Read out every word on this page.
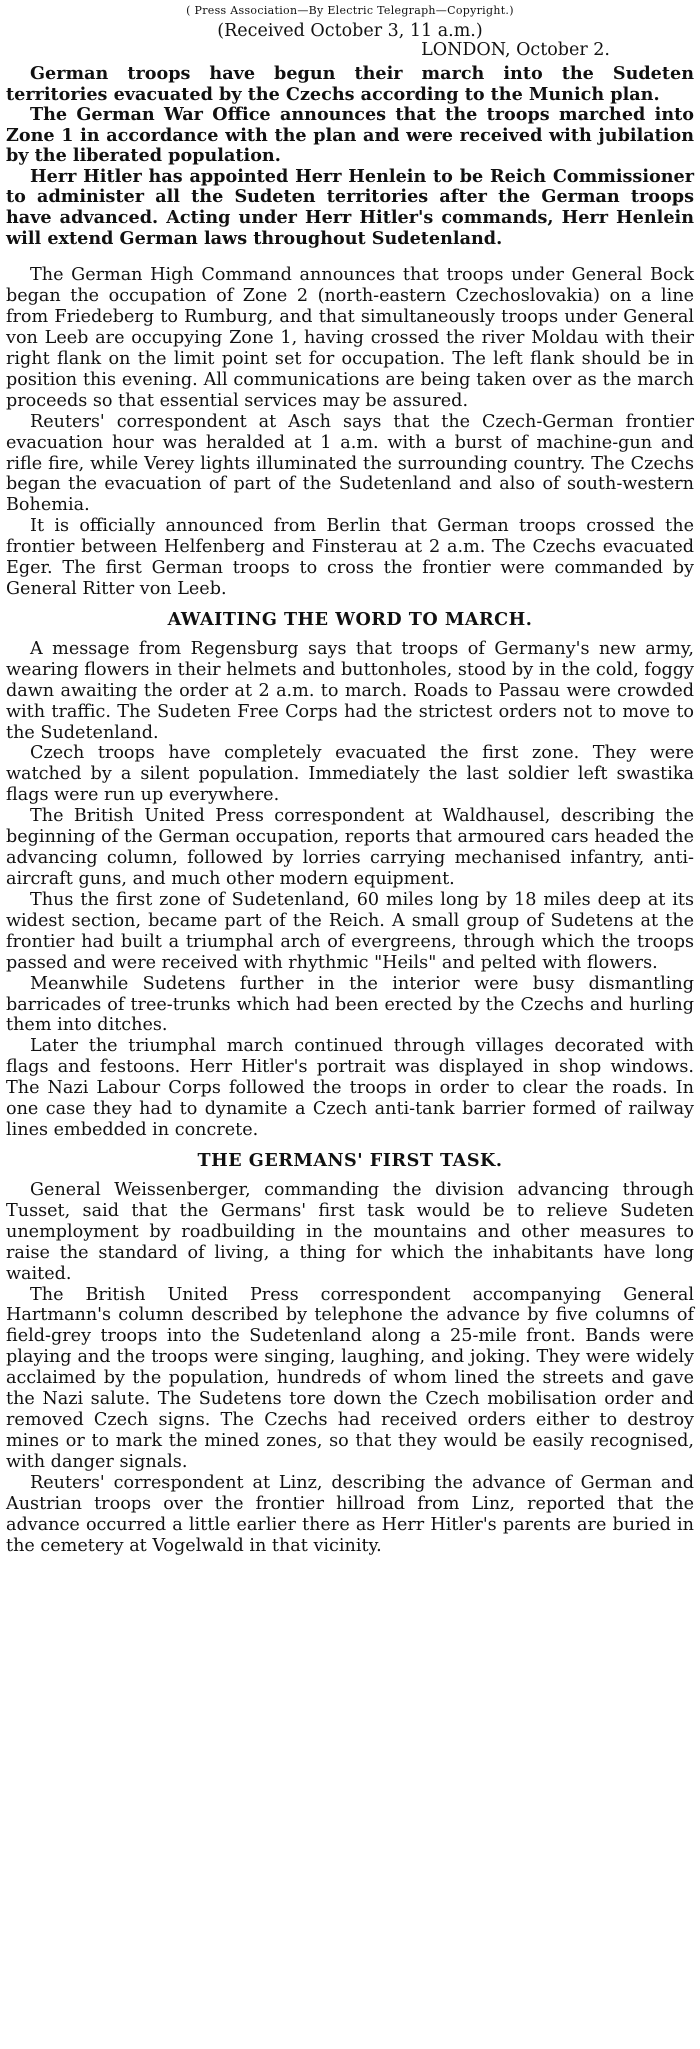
( Press Association—By Electric Telegraph—Copyright.)
(Received October 3, 11 a.m.)
LONDON, October 2.

German troops have begun their march into the Sudeten territories evacuated by the Czechs according to the Munich plan.

The German War Office announces that the troops marched into Zone 1 in accordance with the plan and were received with jubilation by the liberated population.

Herr Hitler has appointed Herr Henlein to be Reich Commissioner to administer all the Sudeten territories after the German troops have advanced. Acting under Herr Hitler's commands, Herr Henlein will extend German laws throughout Sudetenland.

The German High Command announces that troops under General Bock began the occupation of Zone 2 (north-eastern Czechoslovakia) on a line from Friedeberg to Rumburg, and that simultaneously troops under General von Leeb are occupying Zone 1, having crossed the river Moldau with their right flank on the limit point set for occupation. The left flank should be in position this evening. All communications are being taken over as the march proceeds so that essential services may be assured.

Reuters' correspondent at Asch says that the Czech-German frontier evacuation hour was heralded at 1 a.m. with a burst of machine-gun and rifle fire, while Verey lights illuminated the surrounding country. The Czechs began the evacuation of part of the Sudetenland and also of south-western Bohemia.

It is officially announced from Berlin that German troops crossed the frontier between Helfenberg and Finsterau at 2 a.m. The Czechs evacuated Eger. The first German troops to cross the frontier were commanded by General Ritter von Leeb.

AWAITING THE WORD TO MARCH.

A message from Regensburg says that troops of Germany's new army, wearing flowers in their helmets and buttonholes, stood by in the cold, foggy dawn awaiting the order at 2 a.m. to march. Roads to Passau were crowded with traffic. The Sudeten Free Corps had the strictest orders not to move to the Sudetenland.

Czech troops have completely evacuated the first zone. They were watched by a silent population. Immediately the last soldier left swastika flags were run up everywhere.

The British United Press correspondent at Waldhausel, describing the beginning of the German occupation, reports that armoured cars headed the advancing column, followed by lorries carrying mechanised infantry, anti-aircraft guns, and much other modern equipment.

Thus the first zone of Sudetenland, 60 miles long by 18 miles deep at its widest section, became part of the Reich. A small group of Sudetens at the frontier had built a triumphal arch of evergreens, through which the troops passed and were received with rhythmic "Heils" and pelted with flowers.

Meanwhile Sudetens further in the interior were busy dismantling barricades of tree-trunks which had been erected by the Czechs and hurling them into ditches.

Later the triumphal march continued through villages decorated with flags and festoons. Herr Hitler's portrait was displayed in shop windows. The Nazi Labour Corps followed the troops in order to clear the roads. In one case they had to dynamite a Czech anti-tank barrier formed of railway lines embedded in concrete.

THE GERMANS' FIRST TASK.

General Weissenberger, commanding the division advancing through Tusset, said that the Germans' first task would be to relieve Sudeten unemployment by roadbuilding in the mountains and other measures to raise the standard of living, a thing for which the inhabitants have long waited.

The British United Press correspondent accompanying General Hartmann's column described by telephone the advance by five columns of field-grey troops into the Sudetenland along a 25-mile front. Bands were playing and the troops were singing, laughing, and joking. They were widely acclaimed by the population, hundreds of whom lined the streets and gave the Nazi salute. The Sudetens tore down the Czech mobilisation order and removed Czech signs. The Czechs had received orders either to destroy mines or to mark the mined zones, so that they would be easily recognised, with danger signals.

Reuters' correspondent at Linz, describing the advance of German and Austrian troops over the frontier hillroad from Linz, reported that the advance occurred a little earlier there as Herr Hitler's parents are buried in the cemetery at Vogelwald in that vicinity.
